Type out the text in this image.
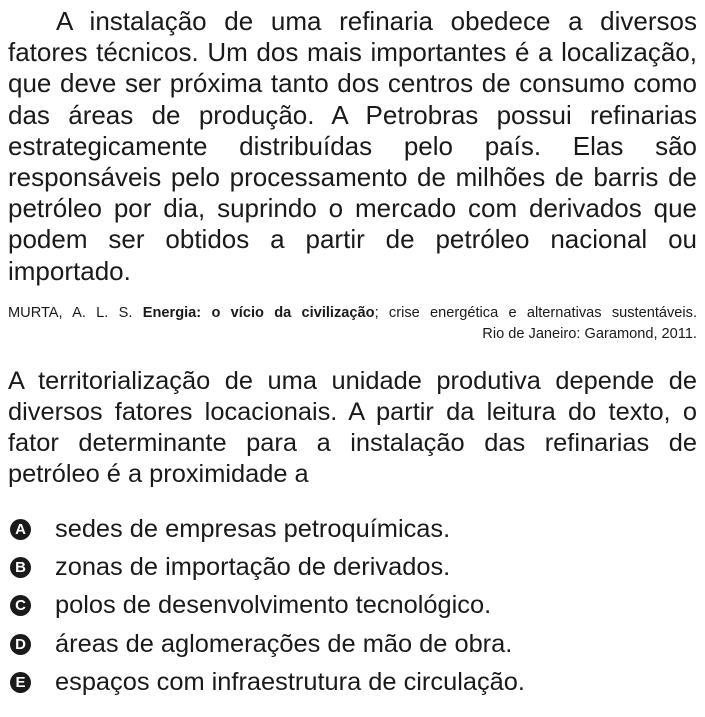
A instalação de uma refinaria obedece a diversos fatores técnicos. Um dos mais importantes é a localização, que deve ser próxima tanto dos centros de consumo como das áreas de produção. A Petrobras possui refinarias estrategicamente distribuídas pelo país. Elas são responsáveis pelo processamento de milhões de barris de petróleo por dia, suprindo o mercado com derivados que podem ser obtidos a partir de petróleo nacional ou importado.

MURTA, A. L. S. Energia: o vício da civilização; crise energética e alternativas sustentáveis.
Rio de Janeiro: Garamond, 2011.

A territorialização de uma unidade produtiva depende de diversos fatores locacionais. A partir da leitura do texto, o fator determinante para a instalação das refinarias de petróleo é a proximidade a

A sedes de empresas petroquímicas.
B zonas de importação de derivados.
C polos de desenvolvimento tecnológico.
D áreas de aglomerações de mão de obra.
E espaços com infraestrutura de circulação.
